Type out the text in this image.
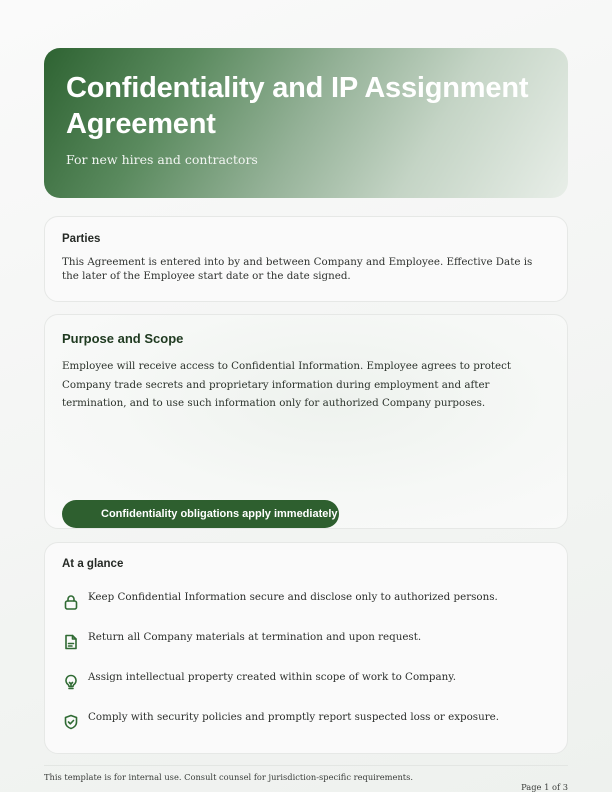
Confidentiality and IP Assignment Agreement
For new hires and contractors
Parties

This Agreement is entered into by and between Company and Employee. Effective Date is the later of the Employee start date or the date signed.

Purpose and Scope

Employee will receive access to Confidential Information. Employee agrees to protect Company trade secrets and proprietary information during employment and after termination, and to use such information only for authorized Company purposes.

Confidentiality obligations apply immediately
At a glance
Keep Confidential Information secure and disclose only to authorized persons.
Return all Company materials at termination and upon request.
Assign intellectual property created within scope of work to Company.
Comply with security policies and promptly report suspected loss or exposure.
This template is for internal use. Consult counsel for jurisdiction-specific requirements.
Page 1 of 3
